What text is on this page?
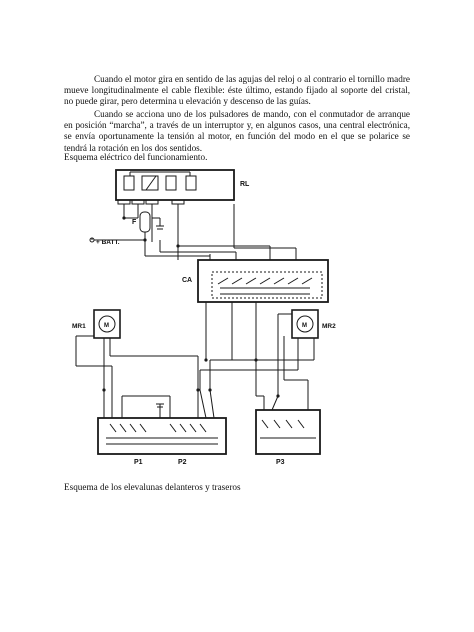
Cuando el motor gira en sentido de las agujas del reloj o al contrario el tornillo madre mueve longitudinalmente el cable flexible: éste último, estando fijado al soporte del cristal, no puede girar, pero determina u elevación y descenso de las guías.

Cuando se acciona uno de los pulsadores de mando, con el conmutador de arranque en posición “marcha”, a través de un interruptor y, en algunos casos, una central electrónica, se envía oportunamente la tensión al motor, en función del modo en el que se polarice se tendrá la rotación en los dos sentidos.

Esquema eléctrico del funcionamiento.

RL
F
+ BATT.
CA
MR1	M	MR2
M
P1	P2	P3

Esquema de los elevalunas delanteros y traseros
